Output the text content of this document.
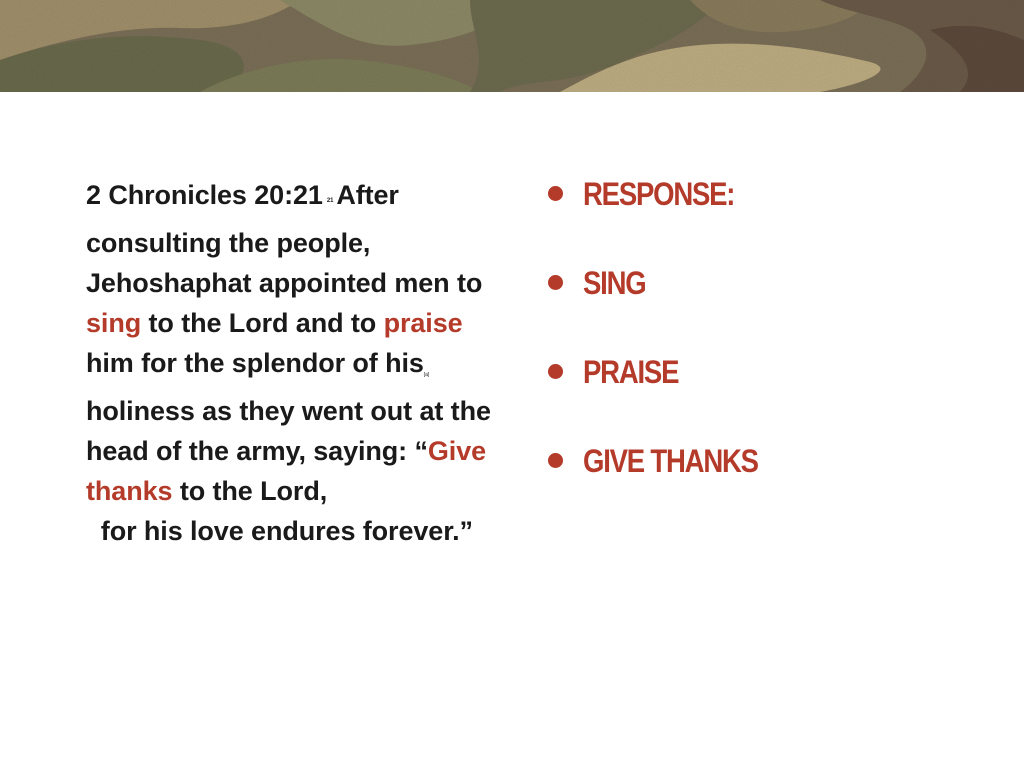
2 Chronicles 20:21 21 After consulting the people, Jehoshaphat appointed men to sing to the Lord and to praise him for the splendor of his[a] holiness as they went out at the head of the army, saying: “Give
thanks to the Lord,
for his love endures forever.”
RESPONSE:
SING
PRAISE
GIVE THANKS
